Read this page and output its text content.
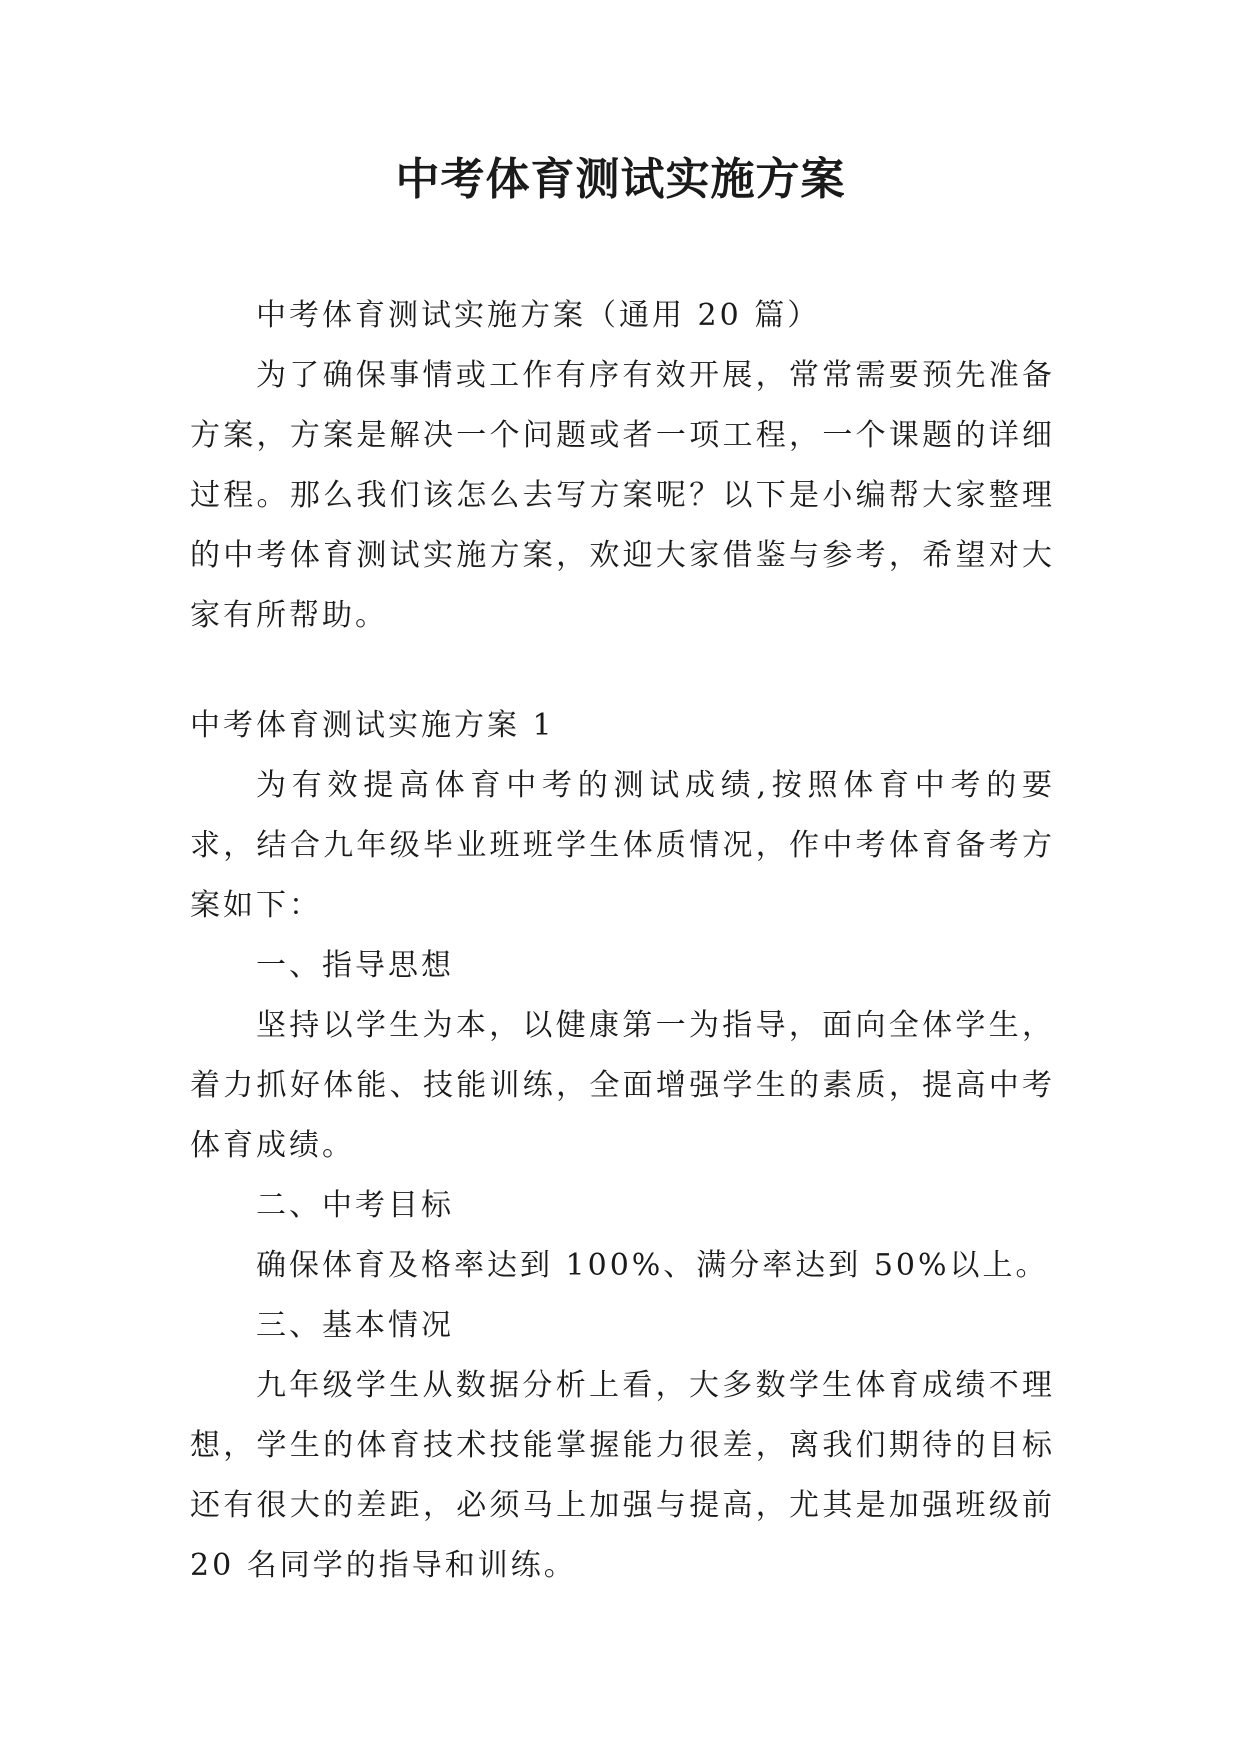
中考体育测试实施方案

中考体育测试实施方案（通用 20 篇）

为了确保事情或工作有序有效开展，常常需要预先准备方案，方案是解决一个问题或者一项工程，一个课题的详细过程。那么我们该怎么去写方案呢？以下是小编帮大家整理的中考体育测试实施方案，欢迎大家借鉴与参考，希望对大家有所帮助。

中考体育测试实施方案 1

为有效提高体育中考的测试成绩,按照体育中考的要求，结合九年级毕业班班学生体质情况，作中考体育备考方案如下：

一、指导思想

坚持以学生为本，以健康第一为指导，面向全体学生，着力抓好体能、技能训练，全面增强学生的素质，提高中考体育成绩。

二、中考目标

确保体育及格率达到 100%、满分率达到 50%以上。

三、基本情况

九年级学生从数据分析上看，大多数学生体育成绩不理想，学生的体育技术技能掌握能力很差，离我们期待的目标还有很大的差距，必须马上加强与提高，尤其是加强班级前20 名同学的指导和训练。
